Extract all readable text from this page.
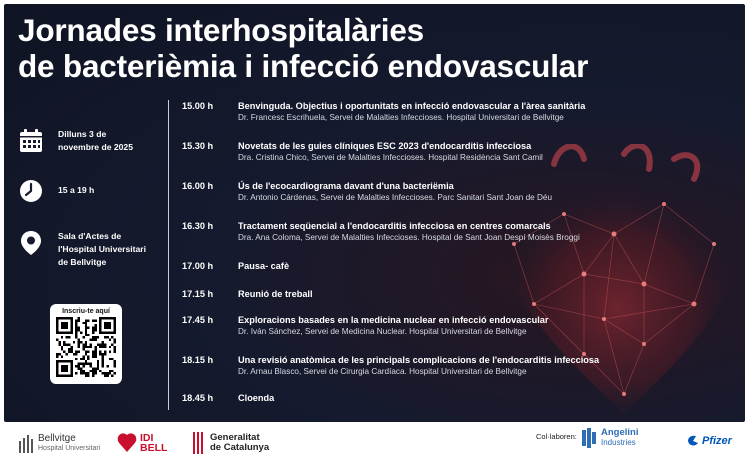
Jornades interhospitalàries
de bacterièmia i infecció endovascular
Dilluns 3 de
novembre de 2025
15 a 19 h
Sala d'Actes de
l'Hospital Universitari
de Bellvitge
Inscriu-te aquí
15.00 h	Benvinguda. Objectius i oportunitats en infecció endovascular a l'àrea sanitària
Dr. Francesc Escrihuela, Servei de Malalties Infeccioses. Hospital Universitari de Bellvitge
15.30 h	Novetats de les guies clíniques ESC 2023 d'endocarditis infecciosa
Dra. Cristina Chico, Servei de Malalties Infeccioses. Hospital Residència Sant Camil
16.00 h	Ús de l'ecocardiograma davant d'una bacteriëmia
Dr. Antonio Cárdenas, Servei de Malalties Infeccioses. Parc Sanitari Sant Joan de Déu
16.30 h	Tractament seqüencial a l'endocarditis infecciosa en centres comarcals
Dra. Ana Coloma, Servei de Malalties Infeccioses. Hospital de Sant Joan Despí Moisès Broggi
17.00 h	Pausa- cafè
17.15 h	Reunió de treball
17.45 h	Exploracions basades en la medicina nuclear en infecció endovascular
Dr. Iván Sánchez, Servei de Medicina Nuclear. Hospital Universitari de Bellvitge
18.15 h	Una revisió anatòmica de les principals complicacions de l'endocarditis infecciosa
Dr. Arnau Blasco, Servei de Cirurgia Cardíaca. Hospital Universitari de Bellvitge
18.45 h	Cloenda
Bellvitge
Hospital Universitari
IDI
BELL
Generalitat
de Catalunya
Col·laboren:	Angelini
Industries	Pfizer
